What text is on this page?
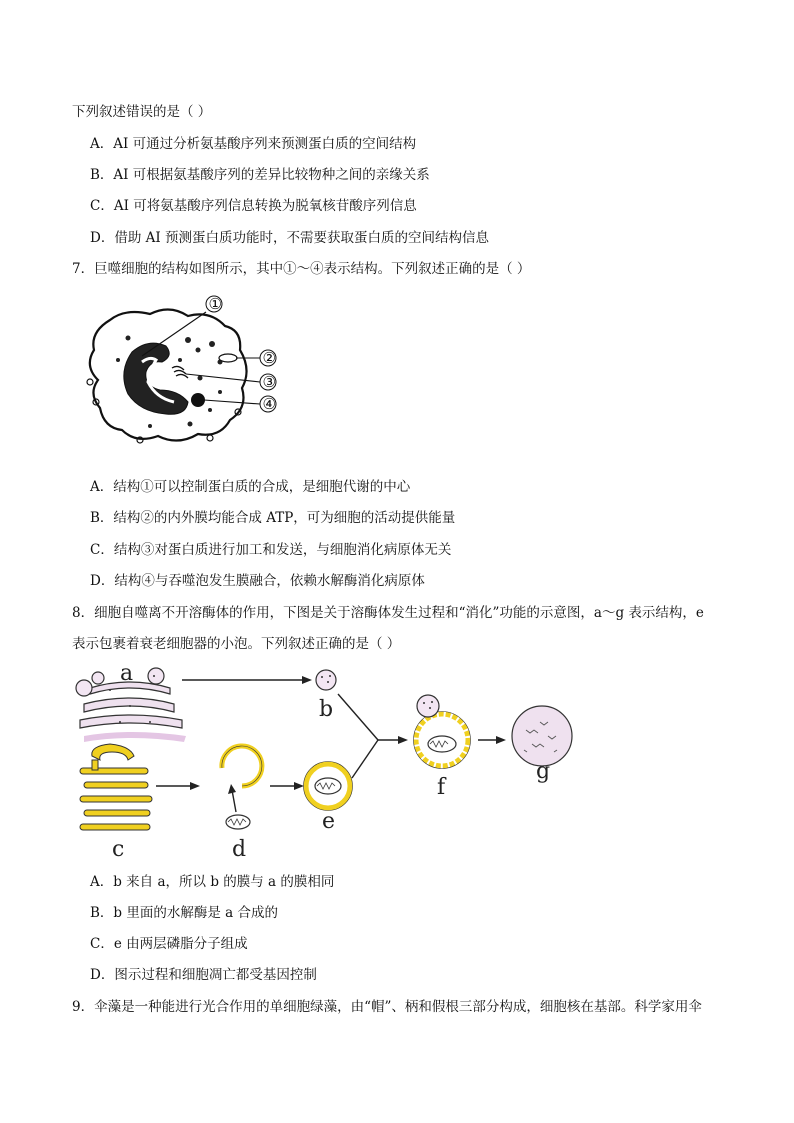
下列叙述错误的是（ ）
A．AI 可通过分析氨基酸序列来预测蛋白质的空间结构
B．AI 可根据氨基酸序列的差异比较物种之间的亲缘关系
C．AI 可将氨基酸序列信息转换为脱氧核苷酸序列信息
D．借助 AI 预测蛋白质功能时，不需要获取蛋白质的空间结构信息
7．巨噬细胞的结构如图所示，其中①～④表示结构。下列叙述正确的是（ ）
①
②
③
④
A．结构①可以控制蛋白质的合成，是细胞代谢的中心
B．结构②的内外膜均能合成 ATP，可为细胞的活动提供能量
C．结构③对蛋白质进行加工和发送，与细胞消化病原体无关
D．结构④与吞噬泡发生膜融合，依赖水解酶消化病原体
8．细胞自噬离不开溶酶体的作用，下图是关于溶酶体发生过程和“消化”功能的示意图，a～g 表示结构，e
表示包裹着衰老细胞器的小泡。下列叙述正确的是（ ）
a
b
c	d
e
f
g
A．b 来自 a，所以 b 的膜与 a 的膜相同
B．b 里面的水解酶是 a 合成的
C．e 由两层磷脂分子组成
D．图示过程和细胞凋亡都受基因控制
9．伞藻是一种能进行光合作用的单细胞绿藻，由“帽”、柄和假根三部分构成，细胞核在基部。科学家用伞
